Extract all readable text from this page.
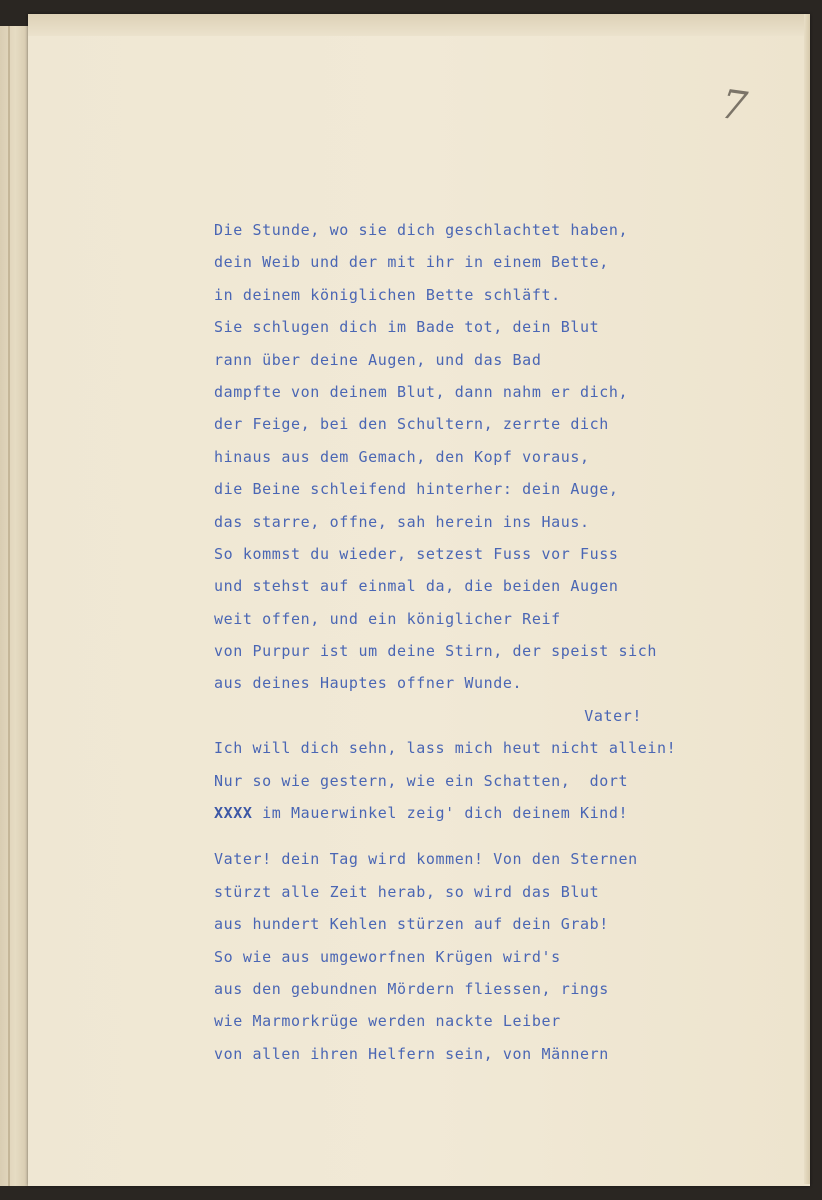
7
Die Stunde, wo sie dich geschlachtet haben,
dein Weib und der mit ihr in einem Bette,
in deinem königlichen Bette schläft.
Sie schlugen dich im Bade tot, dein Blut
rann über deine Augen, und das Bad
dampfte von deinem Blut, dann nahm er dich,
der Feige, bei den Schultern, zerrte dich
hinaus aus dem Gemach, den Kopf voraus,
die Beine schleifend hinterher: dein Auge,
das starre, offne, sah herein ins Haus.
So kommst du wieder, setzest Fuss vor Fuss
und stehst auf einmal da, die beiden Augen
weit offen, und ein königlicher Reif
von Purpur ist um deine Stirn, der speist sich
aus deines Hauptes offner Wunde.
Vater!
Ich will dich sehn, lass mich heut nicht allein!
Nur so wie gestern, wie ein Schatten,  dort
XXXX im Mauerwinkel zeig' dich deinem Kind!
Vater! dein Tag wird kommen! Von den Sternen
stürzt alle Zeit herab, so wird das Blut
aus hundert Kehlen stürzen auf dein Grab!
So wie aus umgeworfnen Krügen wird's
aus den gebundnen Mördern fliessen, rings
wie Marmorkrüge werden nackte Leiber
von allen ihren Helfern sein, von Männern
